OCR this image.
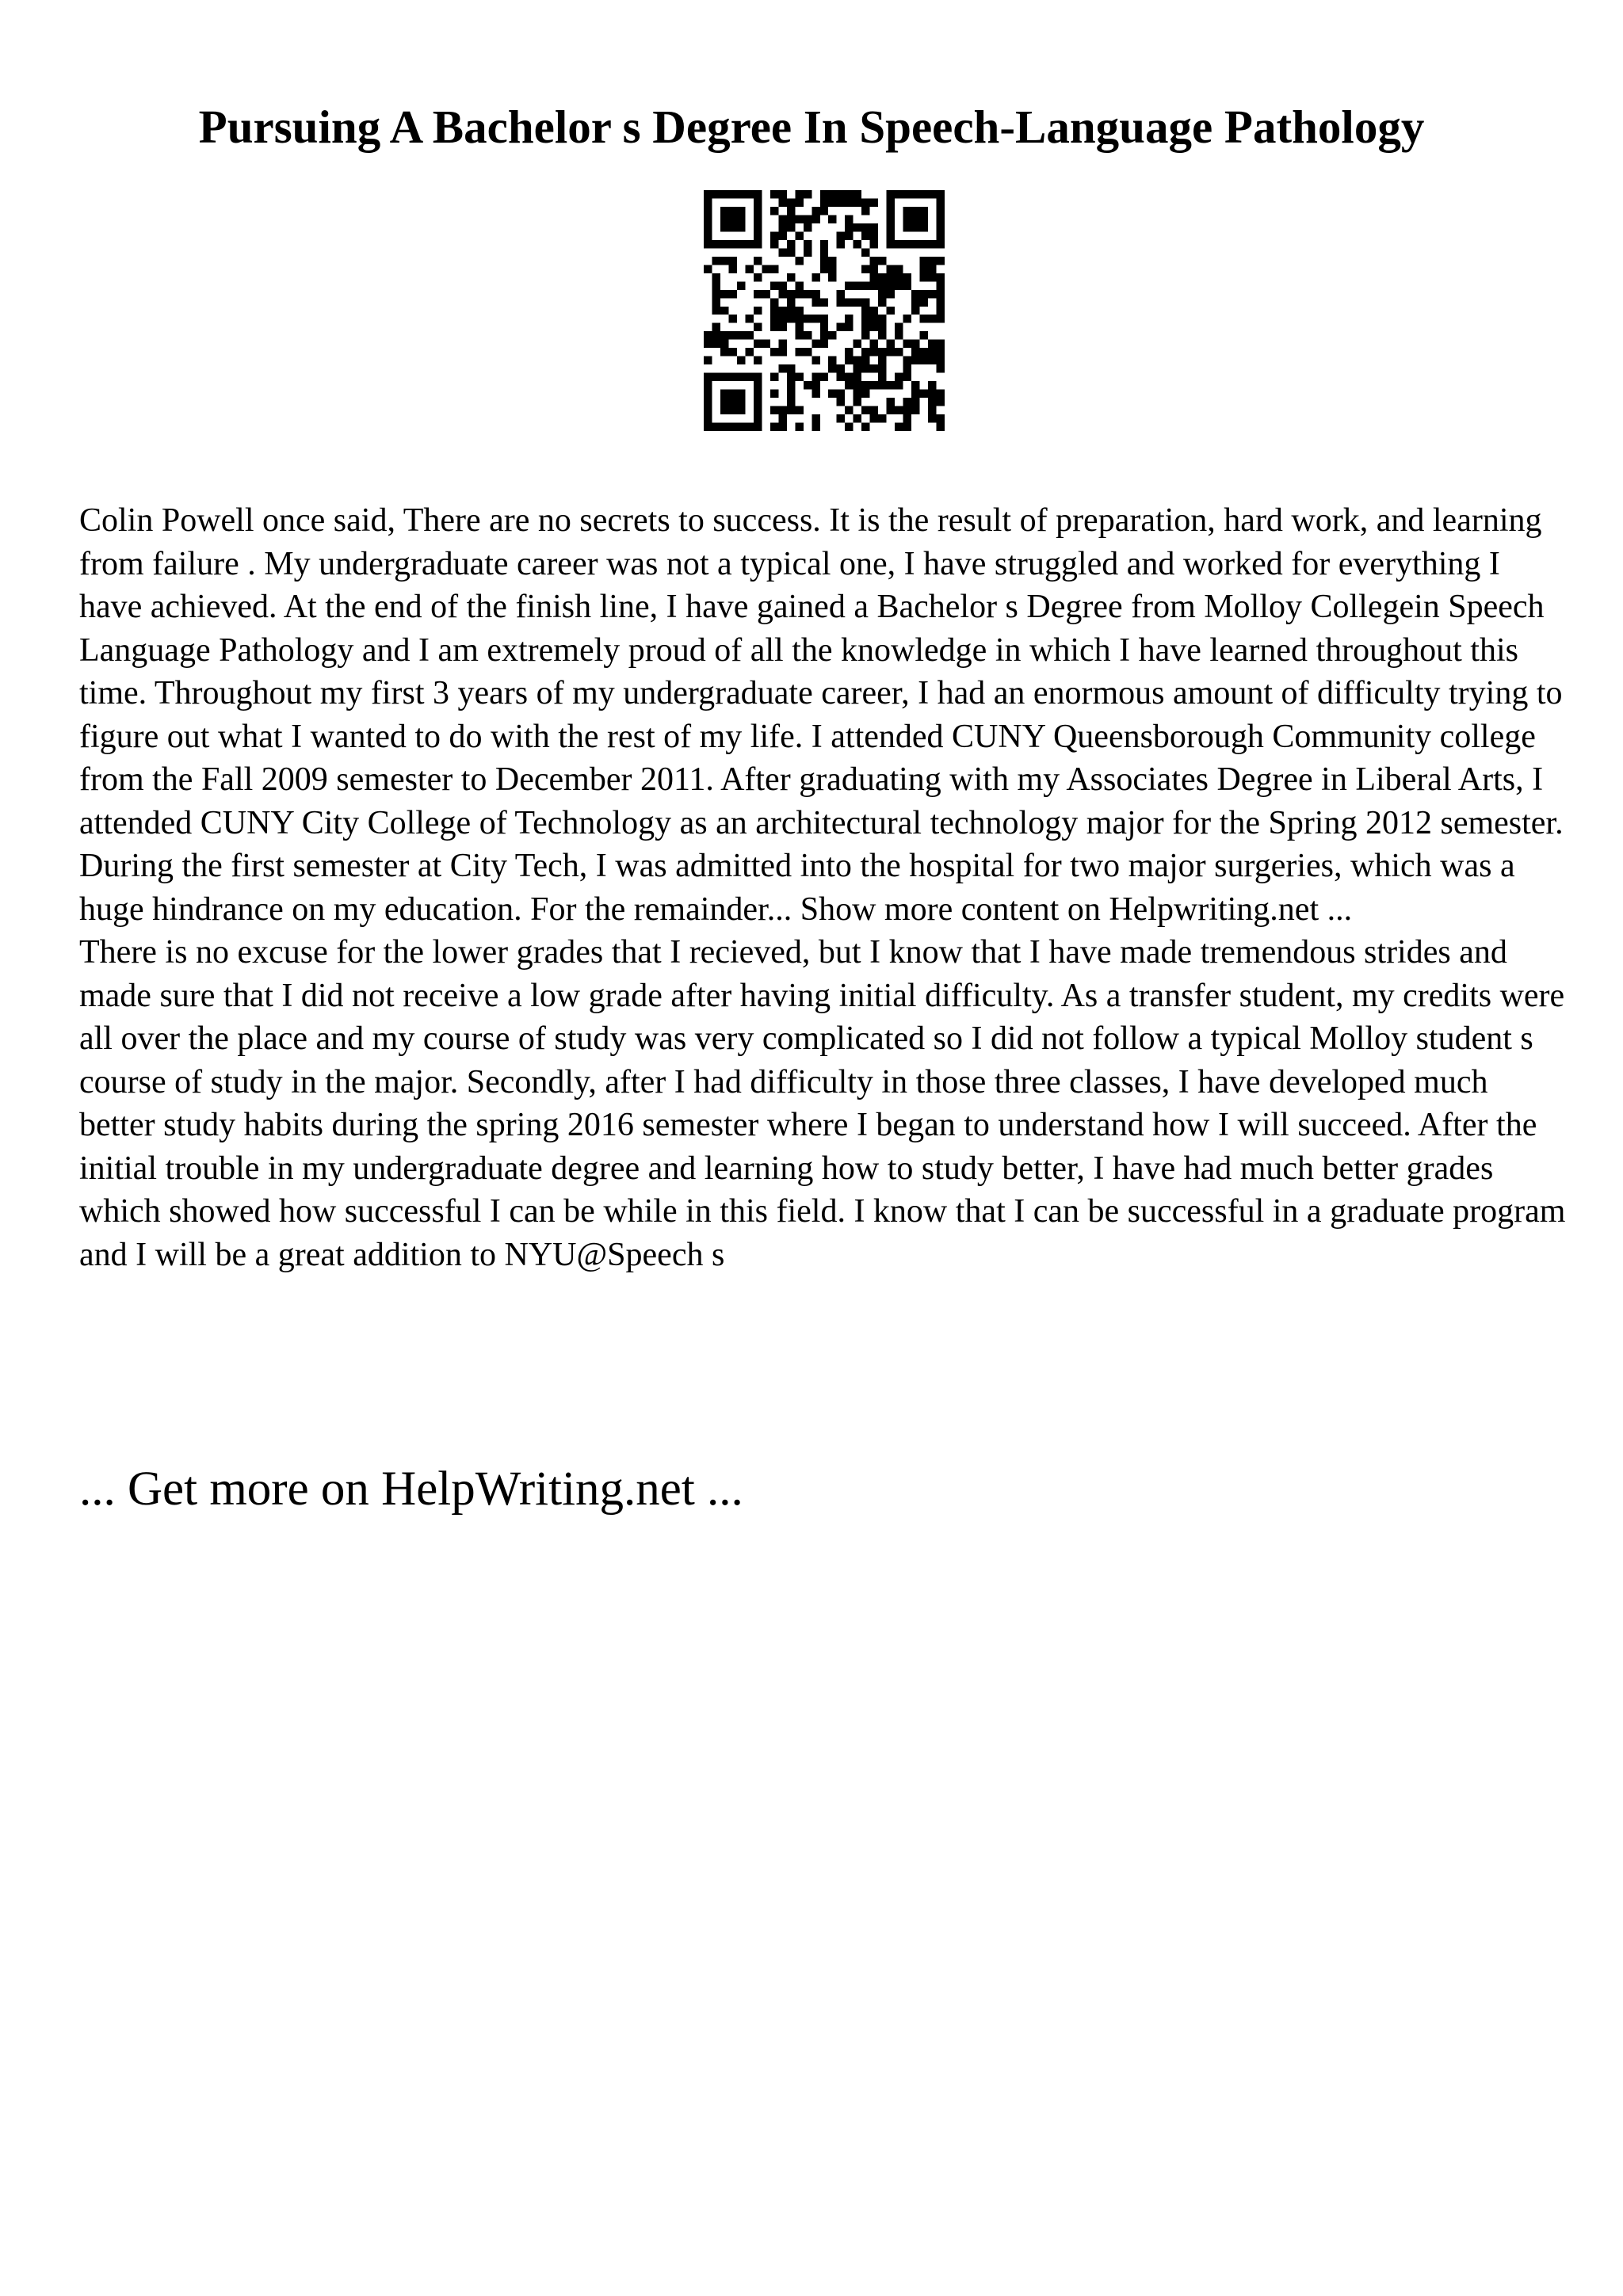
Pursuing A Bachelor s Degree In Speech-Language Pathology

Colin Powell once said, There are no secrets to success. It is the result of preparation, hard work, and learning from failure . My undergraduate career was not a typical one, I have struggled and worked for everything I have achieved. At the end of the finish line, I have gained a Bachelor s Degree from Molloy Collegein Speech Language Pathology and I am extremely proud of all the knowledge in which I have learned throughout this time. Throughout my first 3 years of my undergraduate career, I had an enormous amount of difficulty trying to figure out what I wanted to do with the rest of my life. I attended CUNY Queensborough Community college from the Fall 2009 semester to December 2011. After graduating with my Associates Degree in Liberal Arts, I attended CUNY City College of Technology as an architectural technology major for the Spring 2012 semester. During the first semester at City Tech, I was admitted into the hospital for two major surgeries, which was a huge hindrance on my education. For the remainder... Show more content on Helpwriting.net ...

There is no excuse for the lower grades that I recieved, but I know that I have made tremendous strides and made sure that I did not receive a low grade after having initial difficulty. As a transfer student, my credits were all over the place and my course of study was very complicated so I did not follow a typical Molloy student s course of study in the major. Secondly, after I had difficulty in those three classes, I have developed much better study habits during the spring 2016 semester where I began to understand how I will succeed. After the initial trouble in my undergraduate degree and learning how to study better, I have had much better grades which showed how successful I can be while in this field. I know that I can be successful in a graduate program and I will be a great addition to NYU@Speech s

... Get more on HelpWriting.net ...
